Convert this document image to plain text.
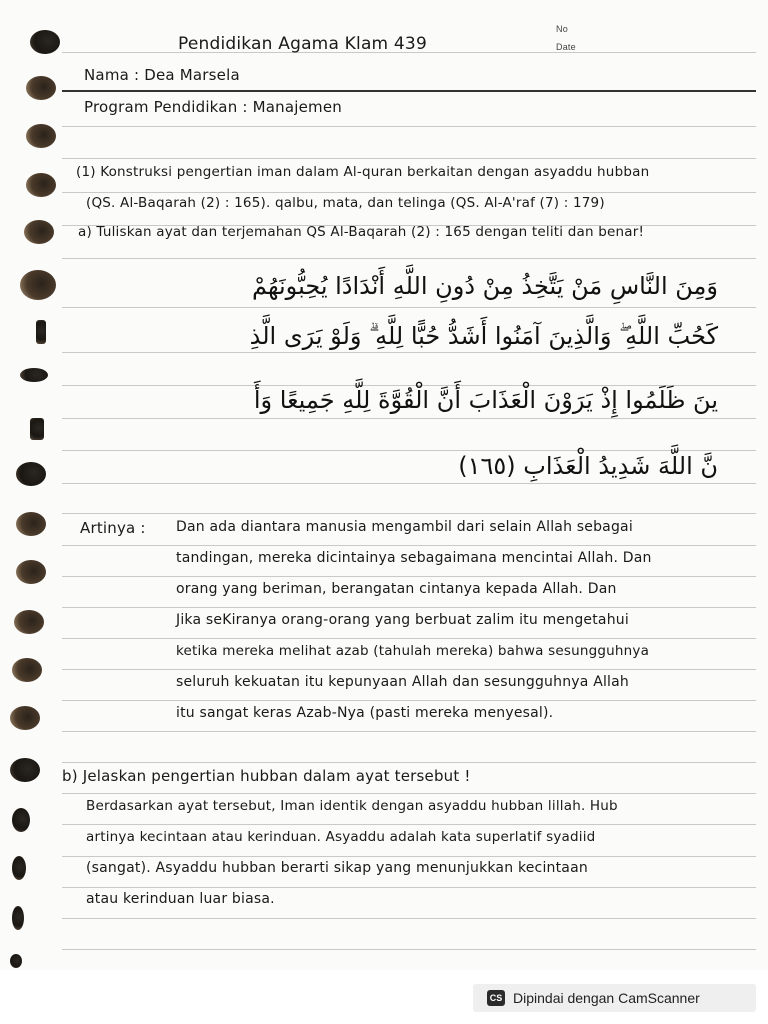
No
Date
Pendidikan Agama Klam 439
Nama : Dea Marsela
Program Pendidikan : Manajemen
(1) Konstruksi pengertian iman dalam Al-quran berkaitan dengan asyaddu hubban
(QS. Al-Baqarah (2) : 165). qalbu, mata, dan telinga (QS. Al-A'raf (7) : 179)
a) Tuliskan ayat dan terjemahan QS Al-Baqarah (2) : 165 dengan teliti dan benar!
وَمِنَ النَّاسِ مَنْ يَتَّخِذُ مِنْ دُونِ اللَّهِ أَنْدَادًا يُحِبُّونَهُمْ
كَحُبِّ اللَّهِ ۖ وَالَّذِينَ آمَنُوا أَشَدُّ حُبًّا لِلَّهِ ۗ وَلَوْ يَرَى الَّذِ
ينَ ظَلَمُوا إِذْ يَرَوْنَ الْعَذَابَ أَنَّ الْقُوَّةَ لِلَّهِ جَمِيعًا وَأَ
نَّ اللَّهَ شَدِيدُ الْعَذَابِ (١٦٥)
Artinya : Dan ada diantara manusia mengambil dari selain Allah sebagai
tandingan, mereka dicintainya sebagaimana mencintai Allah. Dan
orang yang beriman, berangatan cintanya kepada Allah. Dan
Jika seKiranya orang-orang yang berbuat zalim itu mengetahui
ketika mereka melihat azab (tahulah mereka) bahwa sesungguhnya
seluruh kekuatan itu kepunyaan Allah dan sesungguhnya Allah
itu sangat keras Azab-Nya (pasti mereka menyesal).
b) Jelaskan pengertian hubban dalam ayat tersebut !
Berdasarkan ayat tersebut, Iman identik dengan asyaddu hubban lillah. Hub
artinya kecintaan atau kerinduan. Asyaddu adalah kata superlatif syadiid
(sangat). Asyaddu hubban berarti sikap yang menunjukkan kecintaan
atau kerinduan luar biasa.
CS Dipindai dengan CamScanner
